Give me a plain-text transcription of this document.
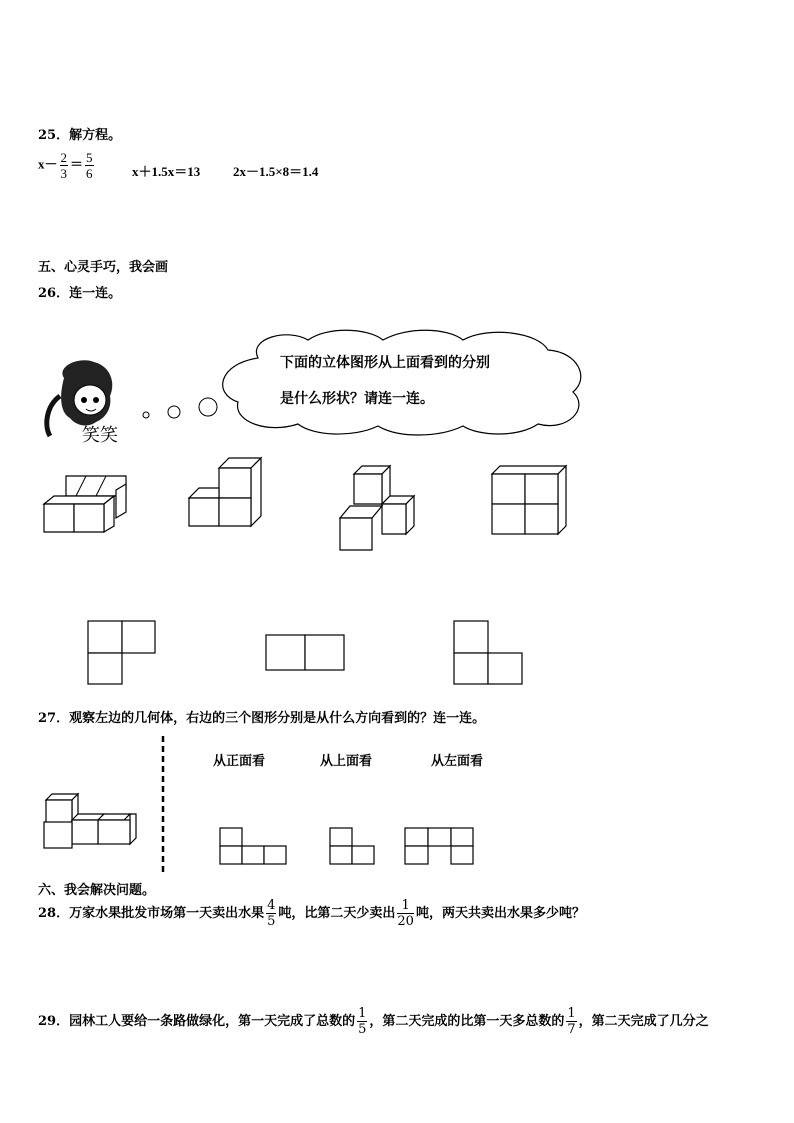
25．解方程。
$x- \frac{2}{3} = \frac{5}{6}$	x＋1.5x＝13	2x－1.5×8＝1.4
五、心灵手巧，我会画
26．连一连。
笑笑
下面的立体图形从上面看到的分别
是什么形状？请连一连。
27．观察左边的几何体，右边的三个图形分别是从什么方向看到的？连一连。
从正面看	从上面看	从左面看
六、我会解决问题。
28．万家水果批发市场第一天卖出水果 $\frac{4}{5}$ 吨，比第二天少卖出 $\frac{1}{20}$ 吨，两天共卖出水果多少吨？
29．园林工人要给一条路做绿化，第一天完成了总数的 $\frac{1}{5}$ ，第二天完成的比第一天多总数的 $\frac{1}{7}$ ，第二天完成了几分之
